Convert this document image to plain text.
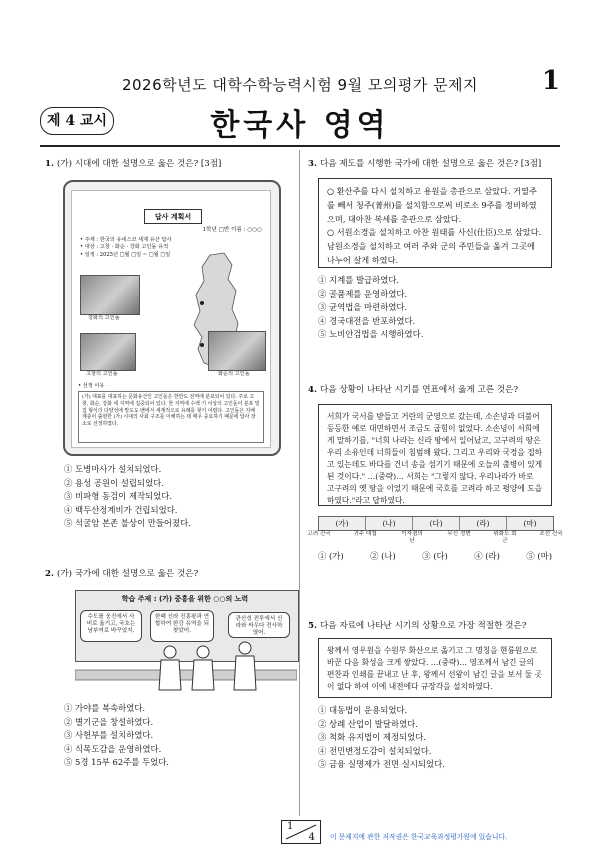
2026학년도 대학수학능력시험 9월 모의평가 문제지	1
제 4 교시	한국사 영역
1. (가) 시대에 대한 설명으로 옳은 것은? [3점]
답사 계획서
1학년 □반 이름 : ○○○
• 주제 : 한국의 유네스코 세계 유산 답사
• 대상 : 고창 · 화순 · 강화 고인돌 유적
• 일정 : 2025년 □월 □일 ~ □월 □일
강화의 고인돌
고창의 고인돌	화순의 고인돌
• 선정 이유
(가) 대표를 대표하는 문화유산인 고인돌은 한반도 전역에 분포되어 있다. 주로 고창, 화순, 강화 세 지역에 집중되어 있다. 한 지역에 수백 기 이상의 고인돌이 분포 밀집 형식의 다양성에 말도도 밴에서 세계적으로 유례를 찾기 어렵다. 고인돌은 지배 계층이 출현한 (가) 시대의 사회 구조를 이해하는 데 매우 중요하기 때문에 답사 장소로 선정하였다.
① 도병마사가 설치되었다.
② 용성 공원이 설립되었다.
③ 비파형 동검이 제작되었다.
④ 백두산정계비가 건립되었다.
⑤ 석굴암 본존 불상이 만들어졌다.
2. (가) 국가에 대한 설명으로 옳은 것은?
학습 주제 : (가) 중흥을 위한 ○○의 노력
수도를 웅진에서 사비로 옮기고, 국호는 남부여로 바꾸었지.
한때 신라 진흥왕과 연합하여 한강 유역을 되찾았어.
관산성 전투에서 신라와 싸우다 전사하였어.
① 가야를 복속하였다.
② 별기군을 창설하였다.
③ 사헌부를 설치하였다.
④ 식목도감을 운영하였다.
⑤ 5경 15부 62주를 두었다.
3. 다음 제도를 시행한 국가에 대한 설명으로 옳은 것은? [3점]
○ 환산주를 다시 설치하고 용원을 총관으로 삼았다. 거열주를 빼서 청주(菁州)를 설치함으로써 비로소 9주를 정비하였으며, 대아찬 복세를 총관으로 삼았다.
○ 서원소경을 설치하고 아찬 원태를 사신(仕臣)으로 삼았다. 남원소경을 설치하고 여러 주와 군의 주민들을 옮겨 그곳에 나누어 살게 하였다.
① 지계를 발급하였다.
② 골품제를 운영하였다.
③ 균역법을 마련하였다.
④ 경국대전을 반포하였다.
⑤ 노비안검법을 시행하였다.
4. 다음 상황이 나타난 시기를 연표에서 옳게 고른 것은?
서희가 국서를 받들고 거란의 군영으로 갔는데, 소손녕과 더불어 등등한 예로 대면하면서 조금도 굽힘이 없었다. 소손녕이 서희에게 말하기를, "너희 나라는 신라 땅에서 일어났고, 고구려의 땅은 우리 소유인데 너희들이 침범해 왔다. 그리고 우리와 국경을 접하고 있는데도 바다를 건너 송을 섬기기 때문에 오늘의 출병이 있게 된 것이다." …(중략)… 서희는 "그렇지 않다. 우리나라가 바로 고구려의 옛 땅을 이었기 때문에 국호를 고려라 하고 평양에 도읍하였다."라고 답하였다.
(가)	(나)	(다)	(라)	(마)
고려 건국	귀주 대첩	이자겸의 난
무신 정변	위화도 회군
조선 건국
① (가)	② (나)	③ (다)	④ (라)	⑤ (마)
5. 다음 자료에 나타난 시기의 상황으로 가장 적절한 것은?
왕께서 영우원을 수원부 화산으로 옮기고 그 명칭을 현륭원으로 바꾼 다음 화성을 크게 쌓았다. …(중략)… 영조께서 남긴 글의 편찬과 인쇄를 끝내고 난 후, 왕께서 선왕이 남긴 글을 보서 둘 곳이 없다 하여 이에 내전에다 규장각을 설치하였다.
① 대동법이 운용되었다.
② 상례 산업이 발달하였다.
③ 척화 유지법이 제정되었다.
④ 전민변정도감이 설치되었다.
⑤ 금융 실명제가 전면 실시되었다.
1
4 이 문제지에 관한 저작권은 한국교육과정평가원에 있습니다.
